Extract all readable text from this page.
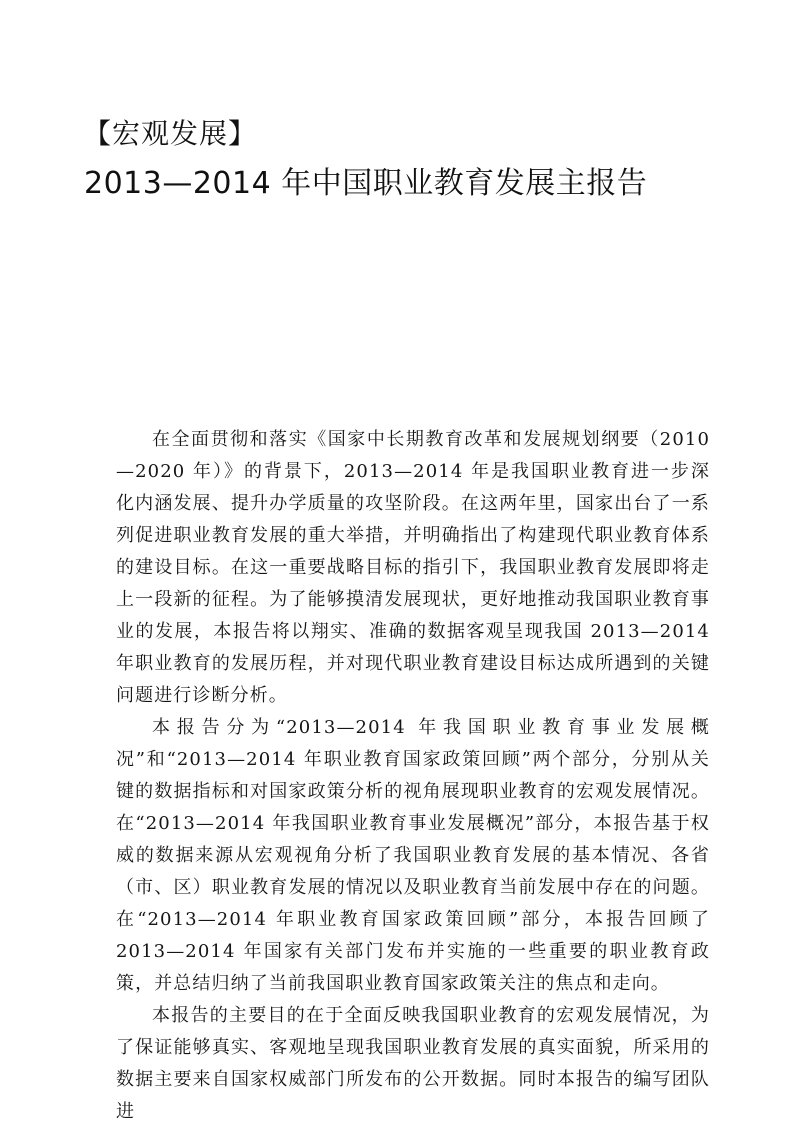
【宏观发展】
2013—2014 年中国职业教育发展主报告

在全面贯彻和落实《国家中长期教育改革和发展规划纲要（2010—2020 年）》的背景下，2013—2014 年是我国职业教育进一步深化内涵发展、提升办学质量的攻坚阶段。在这两年里，国家出台了一系列促进职业教育发展的重大举措，并明确指出了构建现代职业教育体系的建设目标。在这一重要战略目标的指引下，我国职业教育发展即将走上一段新的征程。为了能够摸清发展现状，更好地推动我国职业教育事业的发展，本报告将以翔实、准确的数据客观呈现我国 2013—2014 年职业教育的发展历程，并对现代职业教育建设目标达成所遇到的关键问题进行诊断分析。

本报告分为“2013—2014 年我国职业教育事业发展概况”和“2013—2014 年职业教育国家政策回顾”两个部分，分别从关键的数据指标和对国家政策分析的视角展现职业教育的宏观发展情况。在“2013—2014 年我国职业教育事业发展概况”部分，本报告基于权威的数据来源从宏观视角分析了我国职业教育发展的基本情况、各省（市、区）职业教育发展的情况以及职业教育当前发展中存在的问题。在“2013—2014 年职业教育国家政策回顾”部分，本报告回顾了 2013—2014 年国家有关部门发布并实施的一些重要的职业教育政策，并总结归纳了当前我国职业教育国家政策关注的焦点和走向。

本报告的主要目的在于全面反映我国职业教育的宏观发展情况，为了保证能够真实、客观地呈现我国职业教育发展的真实面貌，所采用的数据主要来自国家权威部门所发布的公开数据。同时本报告的编写团队进
